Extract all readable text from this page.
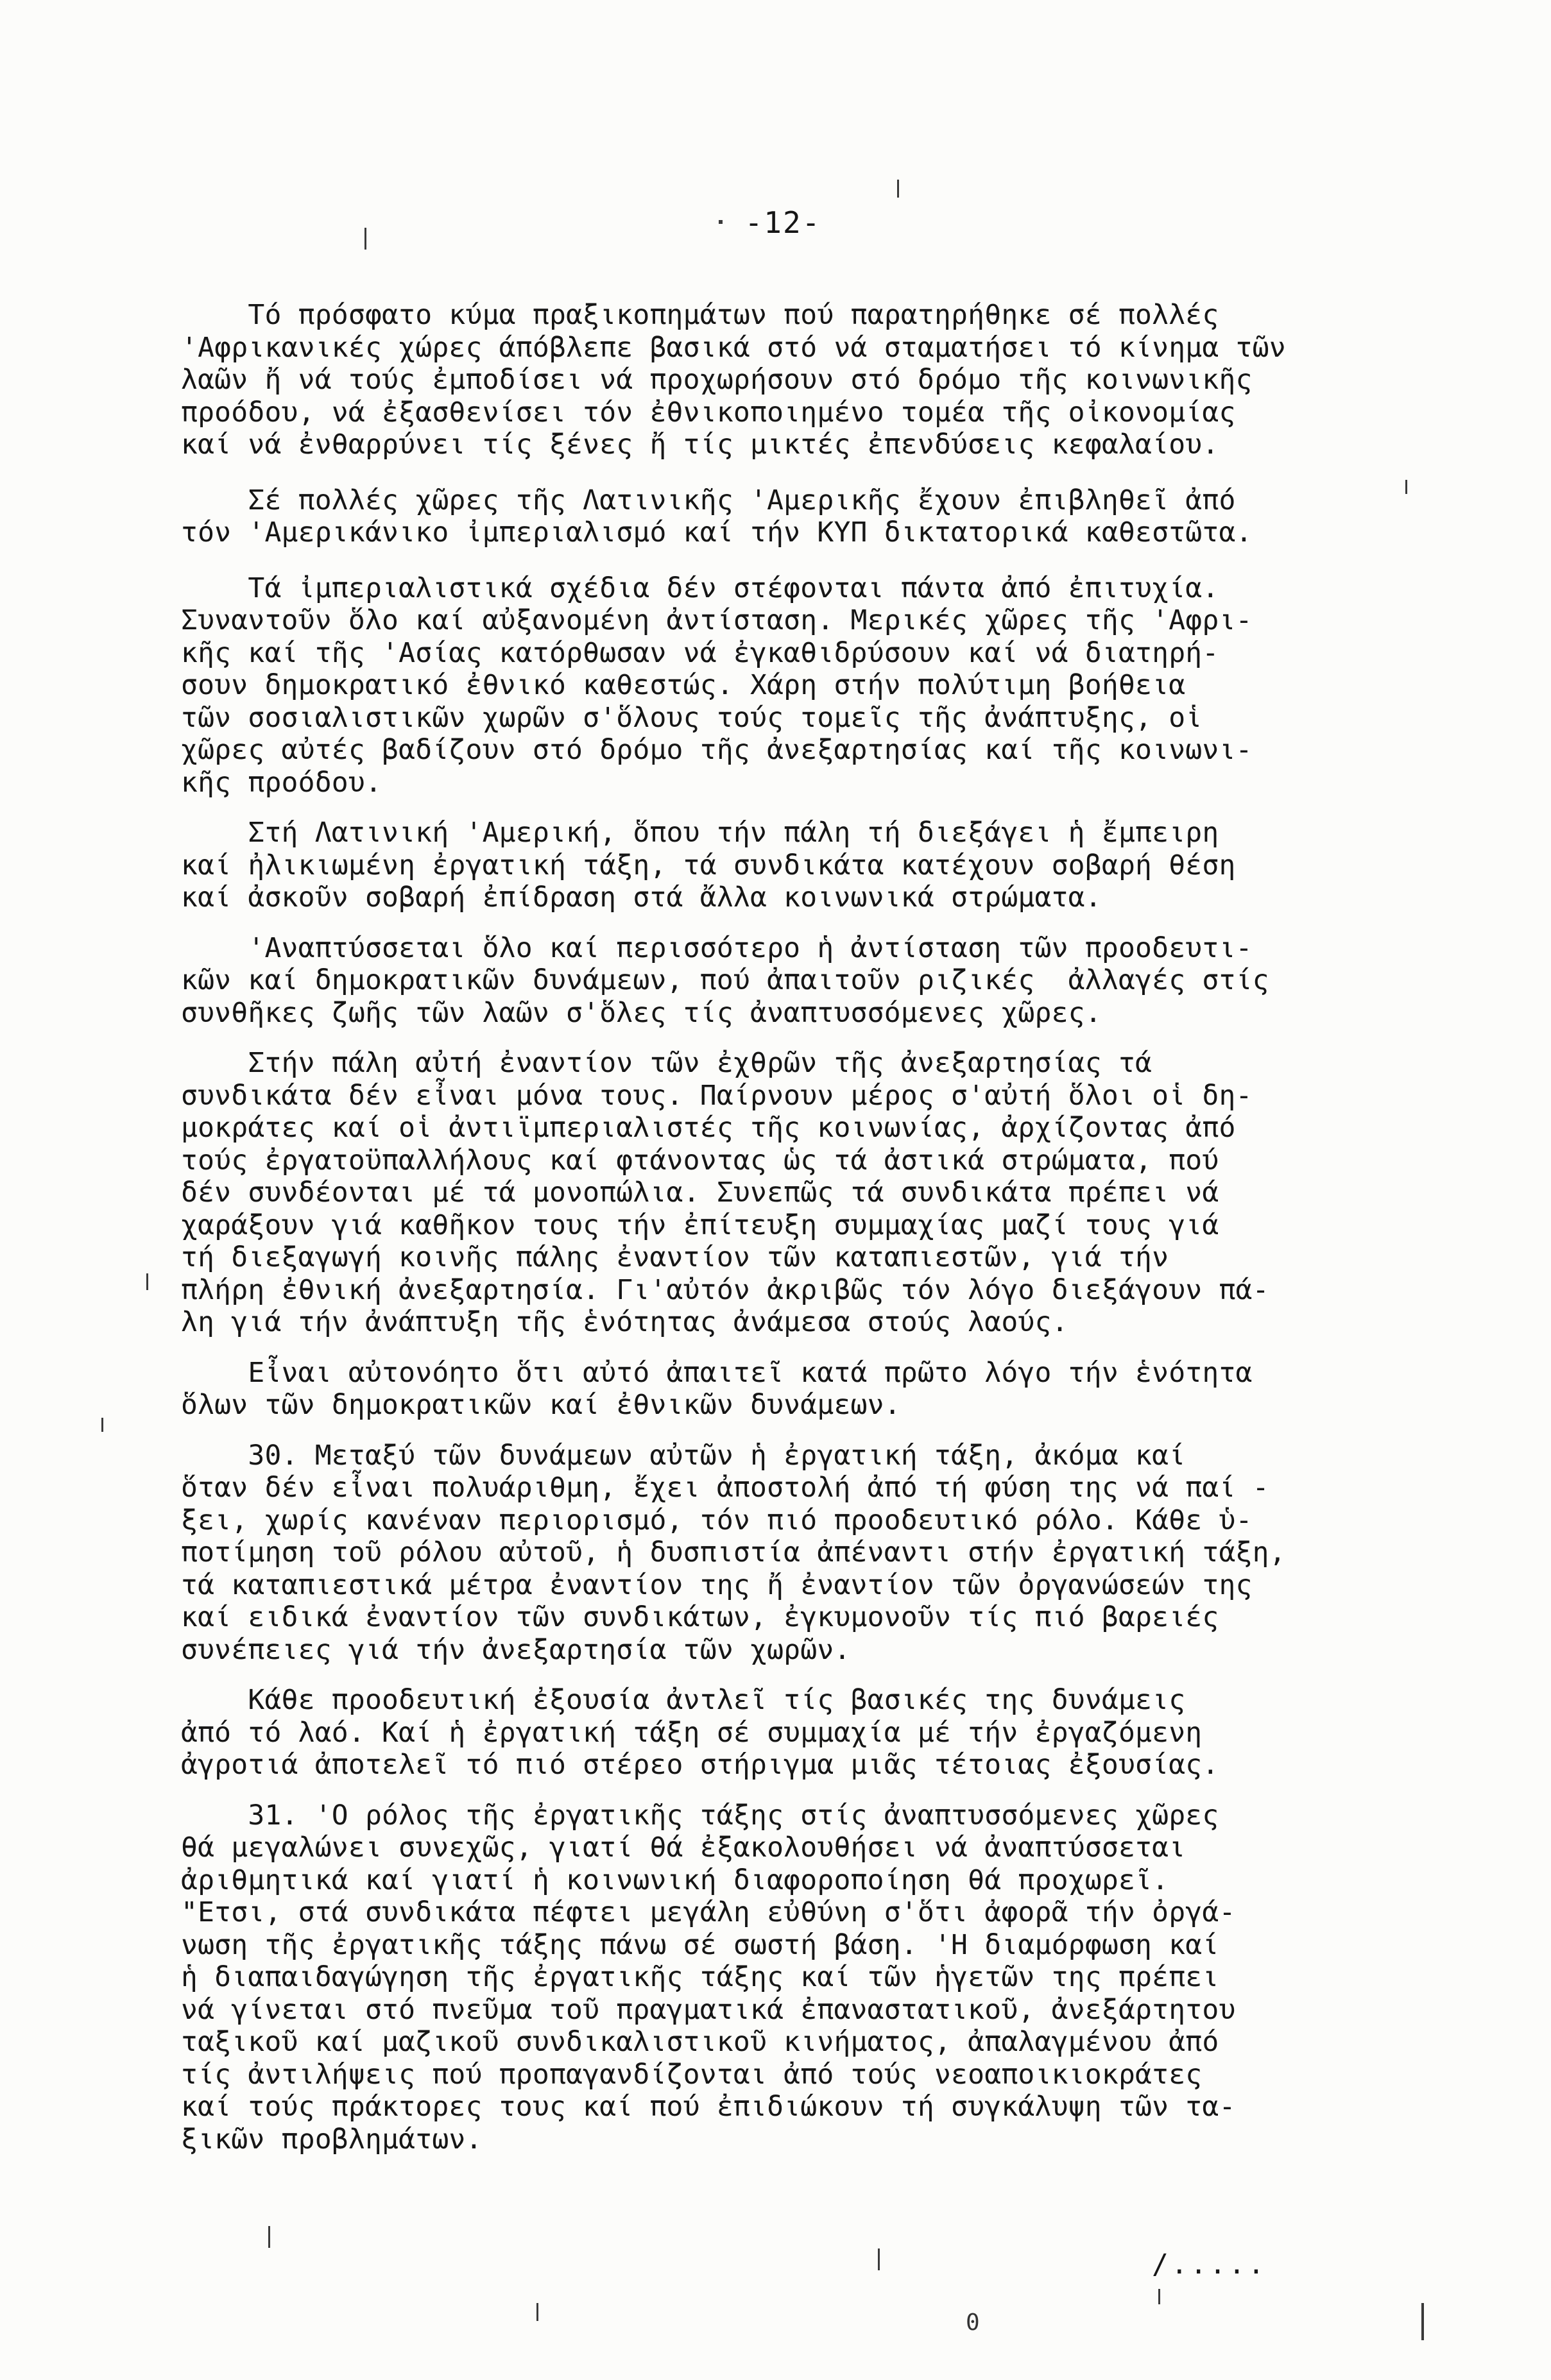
-12-
Τό πρόσφατο κύμα πραξικοπημάτων πού παρατηρήθηκε σέ πολλές
'Αφρικανικές χώρες άπόβλεπε βασικά στό νά σταματήσει τό κίνημα τῶν
λαῶν ἤ νά τούς ἐμποδίσει νά προχωρήσουν στό δρόμο τῆς κοινωνικῆς
προόδου, νά ἐξασθενίσει τόν ἐθνικοποιημένο τομέα τῆς οἰκονομίας
καί νά ἐνθαρρύνει τίς ξένες ἤ τίς μικτές ἐπενδύσεις κεφαλαίου.
Σέ πολλές χῶρες τῆς Λατινικῆς 'Αμερικῆς ἔχουν ἐπιβληθεῖ ἀπό
τόν 'Αμερικάνικο ἰμπεριαλισμό καί τήν ΚΥΠ δικτατορικά καθεστῶτα.
Τά ἰμπεριαλιστικά σχέδια δέν στέφονται πάντα ἀπό ἐπιτυχία.
Συναντοῦν ὅλο καί αὐξανομένη ἀντίσταση. Μερικές χῶρες τῆς 'Αφρι-
κῆς καί τῆς 'Ασίας κατόρθωσαν νά ἐγκαθιδρύσουν καί νά διατηρή-
σουν δημοκρατικό ἐθνικό καθεστώς. Χάρη στήν πολύτιμη βοήθεια
τῶν σοσιαλιστικῶν χωρῶν σ'ὅλους τούς τομεῖς τῆς ἀνάπτυξης, οἱ
χῶρες αὐτές βαδίζουν στό δρόμο τῆς ἀνεξαρτησίας καί τῆς κοινωνι-
κῆς προόδου.
Στή Λατινική 'Αμερική, ὅπου τήν πάλη τή διεξάγει ἡ ἔμπειρη
καί ἠλικιωμένη ἐργατική τάξη, τά συνδικάτα κατέχουν σοβαρή θέση
καί ἀσκοῦν σοβαρή ἐπίδραση στά ἄλλα κοινωνικά στρώματα.
'Αναπτύσσεται ὅλο καί περισσότερο ἡ ἀντίσταση τῶν προοδευτι-
κῶν καί δημοκρατικῶν δυνάμεων, πού ἀπαιτοῦν ριζικές  ἀλλαγές στίς
συνθῆκες ζωῆς τῶν λαῶν σ'ὅλες τίς ἀναπτυσσόμενες χῶρες.
Στήν πάλη αὐτή ἐναντίον τῶν ἐχθρῶν τῆς ἀνεξαρτησίας τά
συνδικάτα δέν εἶναι μόνα τους. Παίρνουν μέρος σ'αὐτή ὅλοι οἱ δη-
μοκράτες καί οἱ ἀντιϊμπεριαλιστές τῆς κοινωνίας, ἀρχίζοντας ἀπό
τούς ἐργατοϋπαλλήλους καί φτάνοντας ὡς τά ἀστικά στρώματα, πού
δέν συνδέονται μέ τά μονοπώλια. Συνεπῶς τά συνδικάτα πρέπει νά
χαράξουν γιά καθῆκον τους τήν ἐπίτευξη συμμαχίας μαζί τους γιά
τή διεξαγωγή κοινῆς πάλης ἐναντίον τῶν καταπιεστῶν, γιά τήν
πλήρη ἐθνική ἀνεξαρτησία. Γι'αὐτόν ἀκριβῶς τόν λόγο διεξάγουν πά-
λη γιά τήν ἀνάπτυξη τῆς ἑνότητας ἀνάμεσα στούς λαούς.
Εἶναι αὐτονόητο ὅτι αὐτό ἀπαιτεῖ κατά πρῶτο λόγο τήν ἑνότητα
ὅλων τῶν δημοκρατικῶν καί ἐθνικῶν δυνάμεων.
30. Μεταξύ τῶν δυνάμεων αὐτῶν ἡ ἐργατική τάξη, ἀκόμα καί
ὅταν δέν εἶναι πολυάριθμη, ἔχει ἀποστολή ἀπό τή φύση της νά παί -
ξει, χωρίς κανέναν περιορισμό, τόν πιό προοδευτικό ρόλο. Κάθε ὑ-
ποτίμηση τοῦ ρόλου αὐτοῦ, ἡ δυσπιστία ἀπέναντι στήν ἐργατική τάξη,
τά καταπιεστικά μέτρα ἐναντίον της ἤ ἐναντίον τῶν ὀργανώσεών της
καί ειδικά ἐναντίον τῶν συνδικάτων, ἐγκυμονοῦν τίς πιό βαρειές
συνέπειες γιά τήν ἀνεξαρτησία τῶν χωρῶν.
Κάθε προοδευτική ἐξουσία ἀντλεῖ τίς βασικές της δυνάμεις
ἀπό τό λαό. Καί ἡ ἐργατική τάξη σέ συμμαχία μέ τήν ἐργαζόμενη
ἀγροτιά ἀποτελεῖ τό πιό στέρεο στήριγμα μιᾶς τέτοιας ἐξουσίας.
31. 'Ο ρόλος τῆς ἐργατικῆς τάξης στίς ἀναπτυσσόμενες χῶρες
θά μεγαλώνει συνεχῶς, γιατί θά ἐξακολουθήσει νά ἀναπτύσσεται
ἀριθμητικά καί γιατί ἡ κοινωνική διαφοροποίηση θά προχωρεῖ.
"Ετσι, στά συνδικάτα πέφτει μεγάλη εὐθύνη σ'ὅτι ἀφορᾶ τήν ὀργά-
νωση τῆς ἐργατικῆς τάξης πάνω σέ σωστή βάση. 'Η διαμόρφωση καί
ἡ διαπαιδαγώγηση τῆς ἐργατικῆς τάξης καί τῶν ἡγετῶν της πρέπει
νά γίνεται στό πνεῦμα τοῦ πραγματικά ἐπαναστατικοῦ, ἀνεξάρτητου
ταξικοῦ καί μαζικοῦ συνδικαλιστικοῦ κινήματος, ἀπαλαγμένου ἀπό
τίς ἀντιλήψεις πού προπαγανδίζονται ἀπό τούς νεοαποικιοκράτες
καί τούς πράκτορες τους καί πού ἐπιδιώκουν τή συγκάλυψη τῶν τα-
ξικῶν προβλημάτων.
/.....
0
